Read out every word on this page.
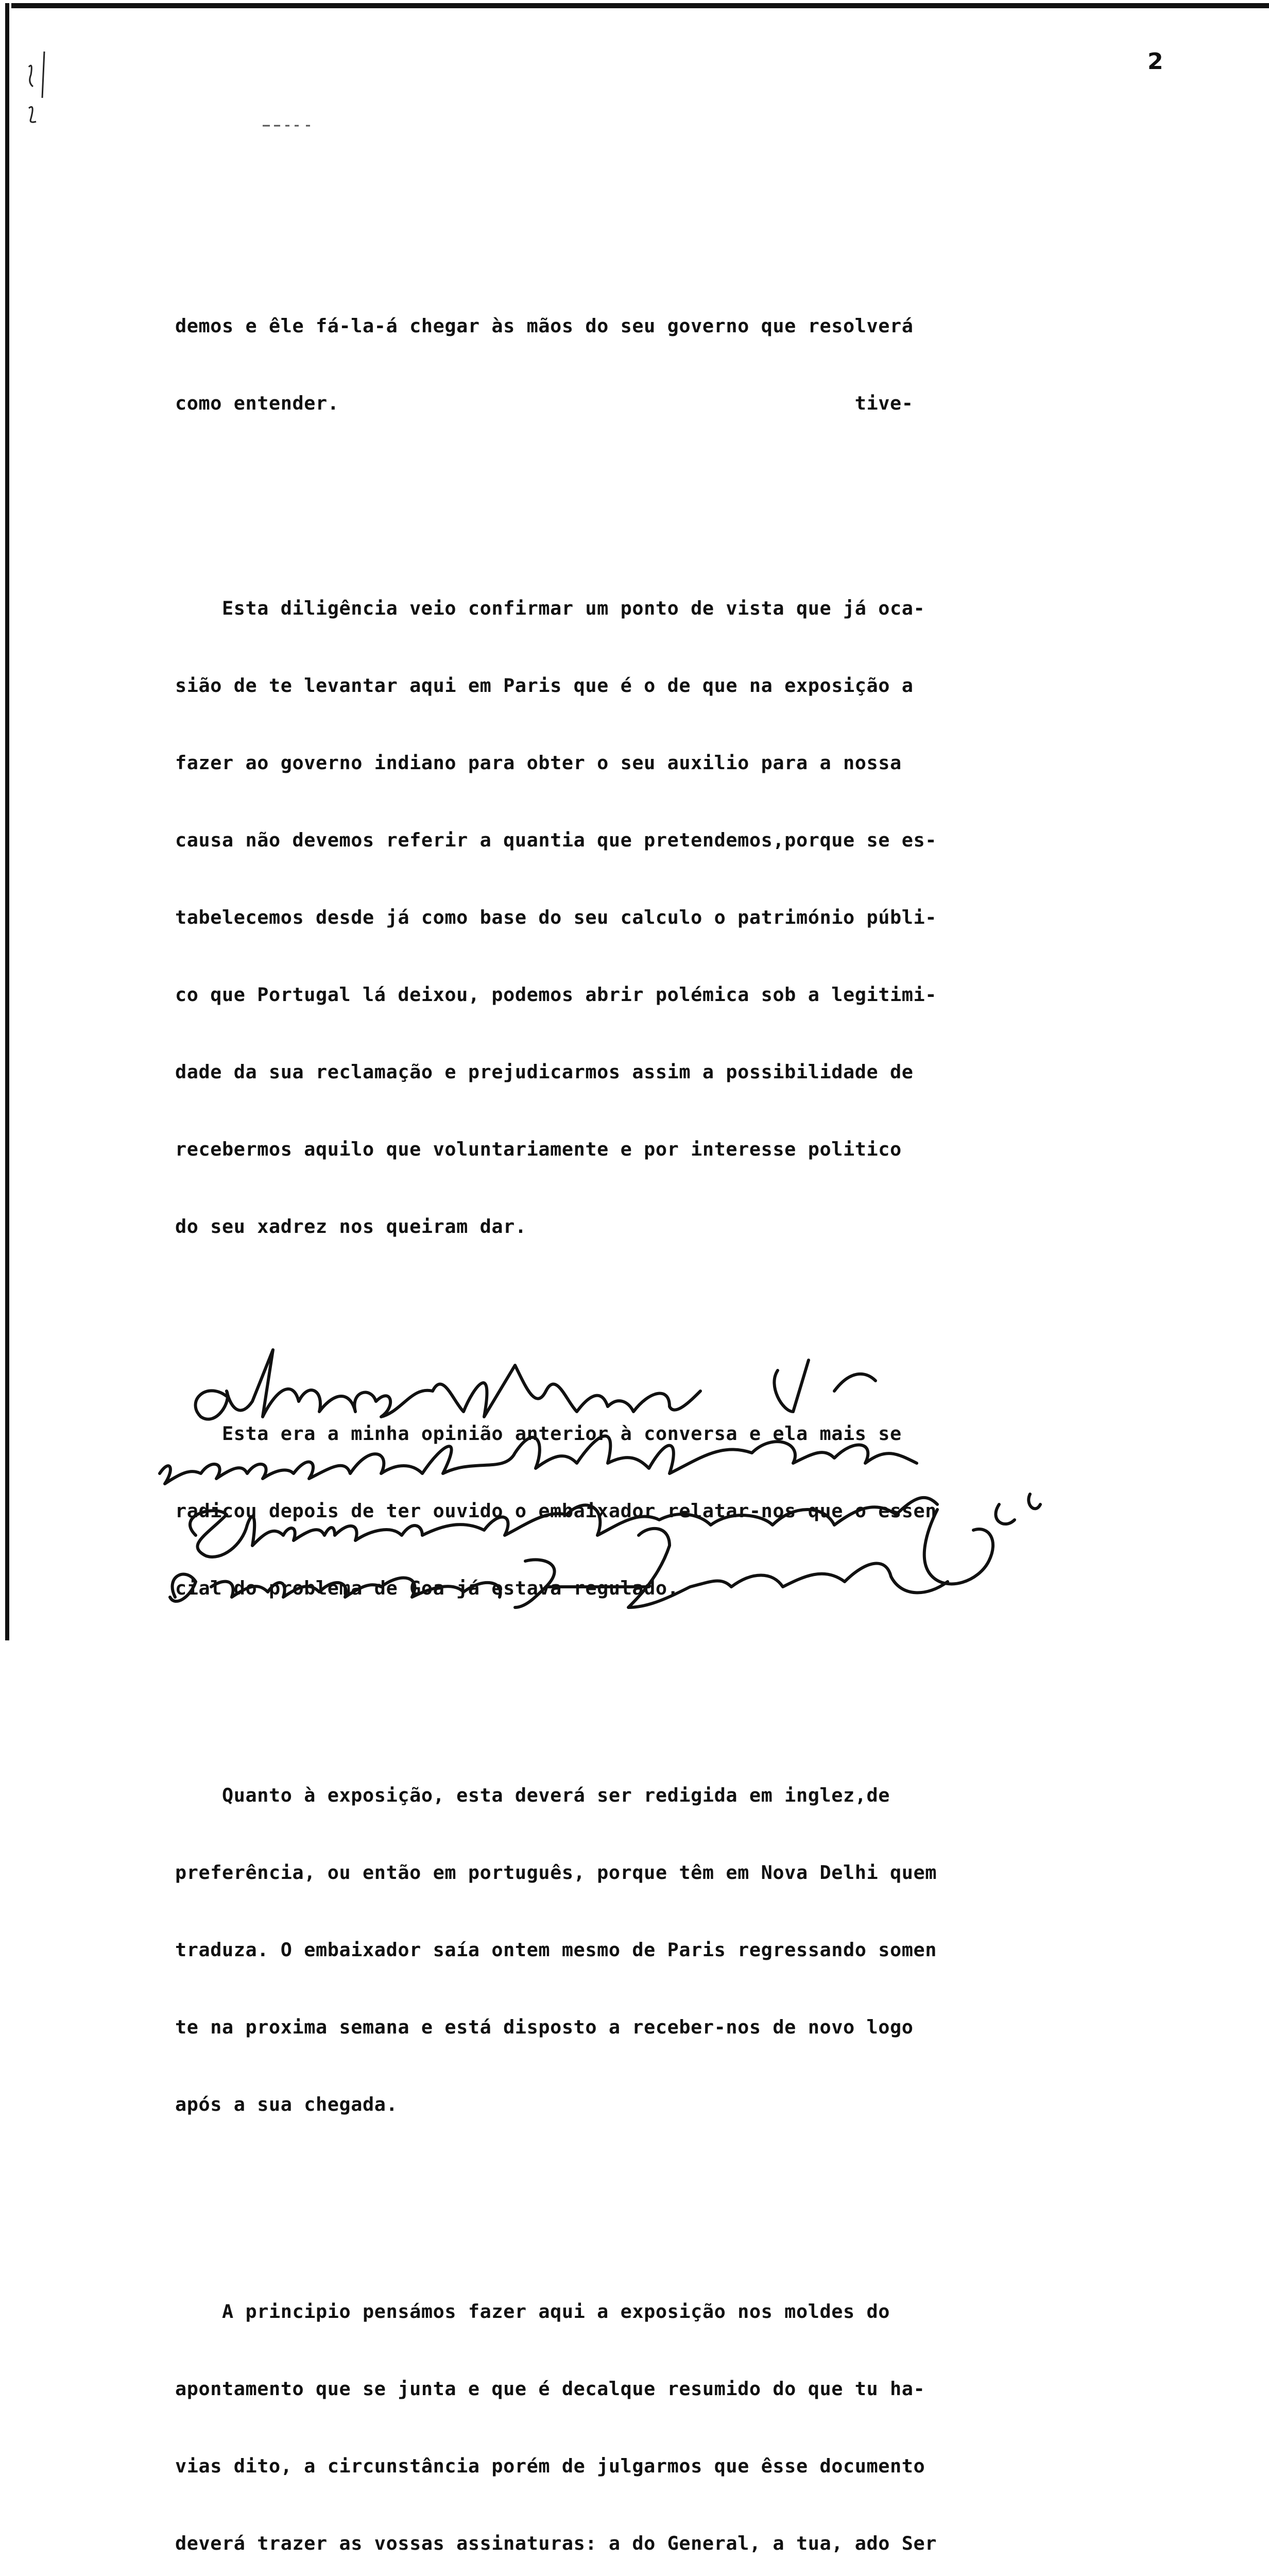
2

demos e êle fá-la-á chegar às mãos do seu governo que resolverá

como entender.                                            tive-

Esta diligência veio confirmar um ponto de vista que já oca-

sião de te levantar aqui em Paris que é o de que na exposição a

fazer ao governo indiano para obter o seu auxilio para a nossa

causa não devemos referir a quantia que pretendemos,porque se es-

tabelecemos desde já como base do seu calculo o património públi-

co que Portugal lá deixou, podemos abrir polémica sob a legitimi-

dade da sua reclamação e prejudicarmos assim a possibilidade de

recebermos aquilo que voluntariamente e por interesse politico

do seu xadrez nos queiram dar.

Esta era a minha opinião anterior à conversa e ela mais se

radicou depois de ter ouvido o embaixador relatar-nos que o essen

cial do problema de Goa já estava regulado.

Quanto à exposição, esta deverá ser redigida em inglez,de

preferência, ou então em português, porque têm em Nova Delhi quem

traduza. O embaixador saía ontem mesmo de Paris regressando somen

te na proxima semana e está disposto a receber-nos de novo logo

após a sua chegada.

A principio pensámos fazer aqui a exposição nos moldes do

apontamento que se junta e que é decalque resumido do que tu ha-

vias dito, a circunstância porém de julgarmos que êsse documento

deverá trazer as vossas assinaturas: a do General, a tua, ado Ser
